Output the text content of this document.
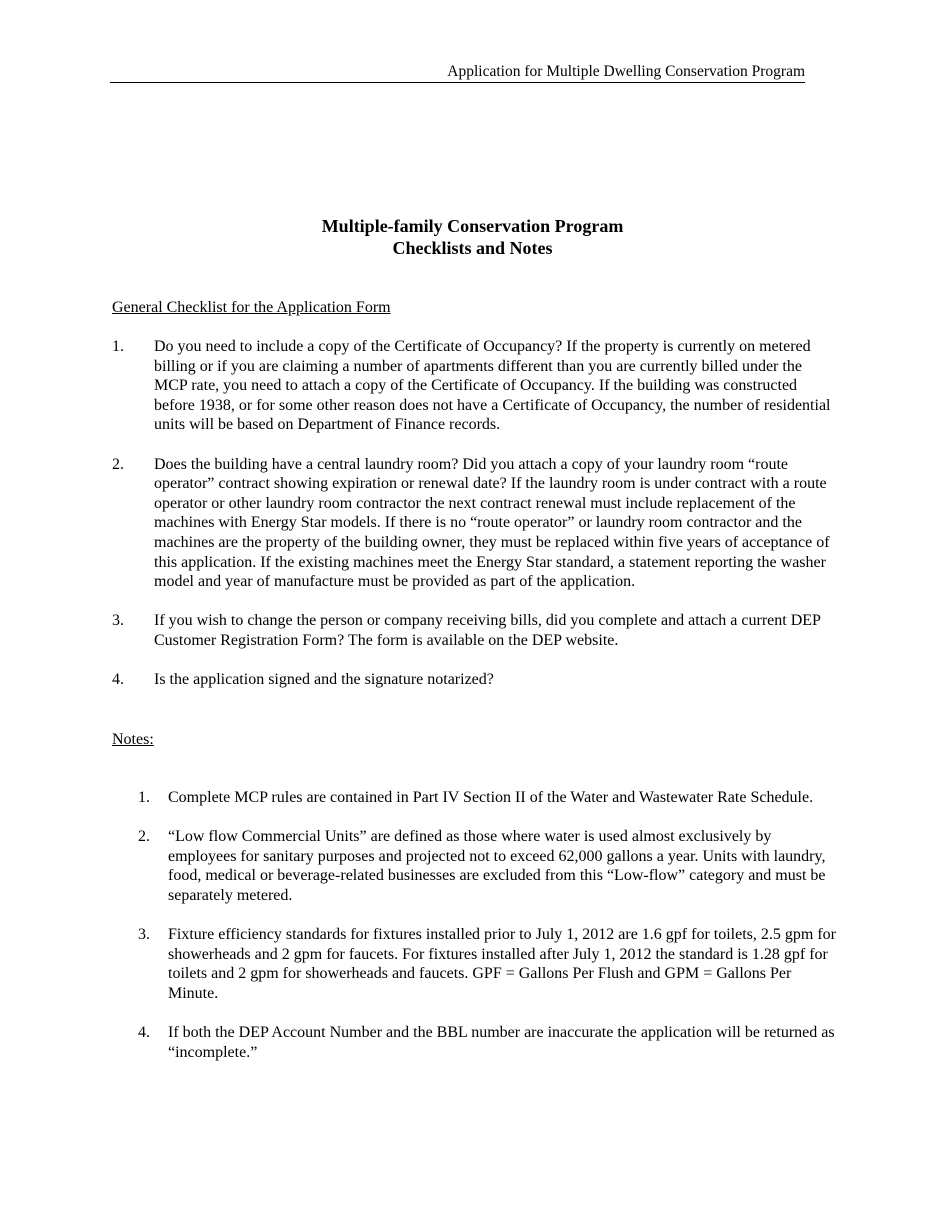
Application for Multiple Dwelling Conservation Program
Multiple-family Conservation Program
Checklists and Notes
General Checklist for the Application Form
1. Do you need to include a copy of the Certificate of Occupancy? If the property is currently on metered billing or if you are claiming a number of apartments different than you are currently billed under the MCP rate, you need to attach a copy of the Certificate of Occupancy. If the building was constructed before 1938, or for some other reason does not have a Certificate of Occupancy, the number of residential units will be based on Department of Finance records.
2. Does the building have a central laundry room? Did you attach a copy of your laundry room “route operator” contract showing expiration or renewal date? If the laundry room is under contract with a route operator or other laundry room contractor the next contract renewal must include replacement of the machines with Energy Star models. If there is no “route operator” or laundry room contractor and the machines are the property of the building owner, they must be replaced within five years of acceptance of this application. If the existing machines meet the Energy Star standard, a statement reporting the washer model and year of manufacture must be provided as part of the application.
3. If you wish to change the person or company receiving bills, did you complete and attach a current DEP Customer Registration Form? The form is available on the DEP website.
4. Is the application signed and the signature notarized?
Notes:
1. Complete MCP rules are contained in Part IV Section II of the Water and Wastewater Rate Schedule.
2. “Low flow Commercial Units” are defined as those where water is used almost exclusively by employees for sanitary purposes and projected not to exceed 62,000 gallons a year. Units with laundry, food, medical or beverage-related businesses are excluded from this “Low-flow” category and must be separately metered.
3. Fixture efficiency standards for fixtures installed prior to July 1, 2012 are 1.6 gpf for toilets, 2.5 gpm for showerheads and 2 gpm for faucets. For fixtures installed after July 1, 2012 the standard is 1.28 gpf for toilets and 2 gpm for showerheads and faucets. GPF = Gallons Per Flush and GPM = Gallons Per Minute.
4. If both the DEP Account Number and the BBL number are inaccurate the application will be returned as “incomplete.”
